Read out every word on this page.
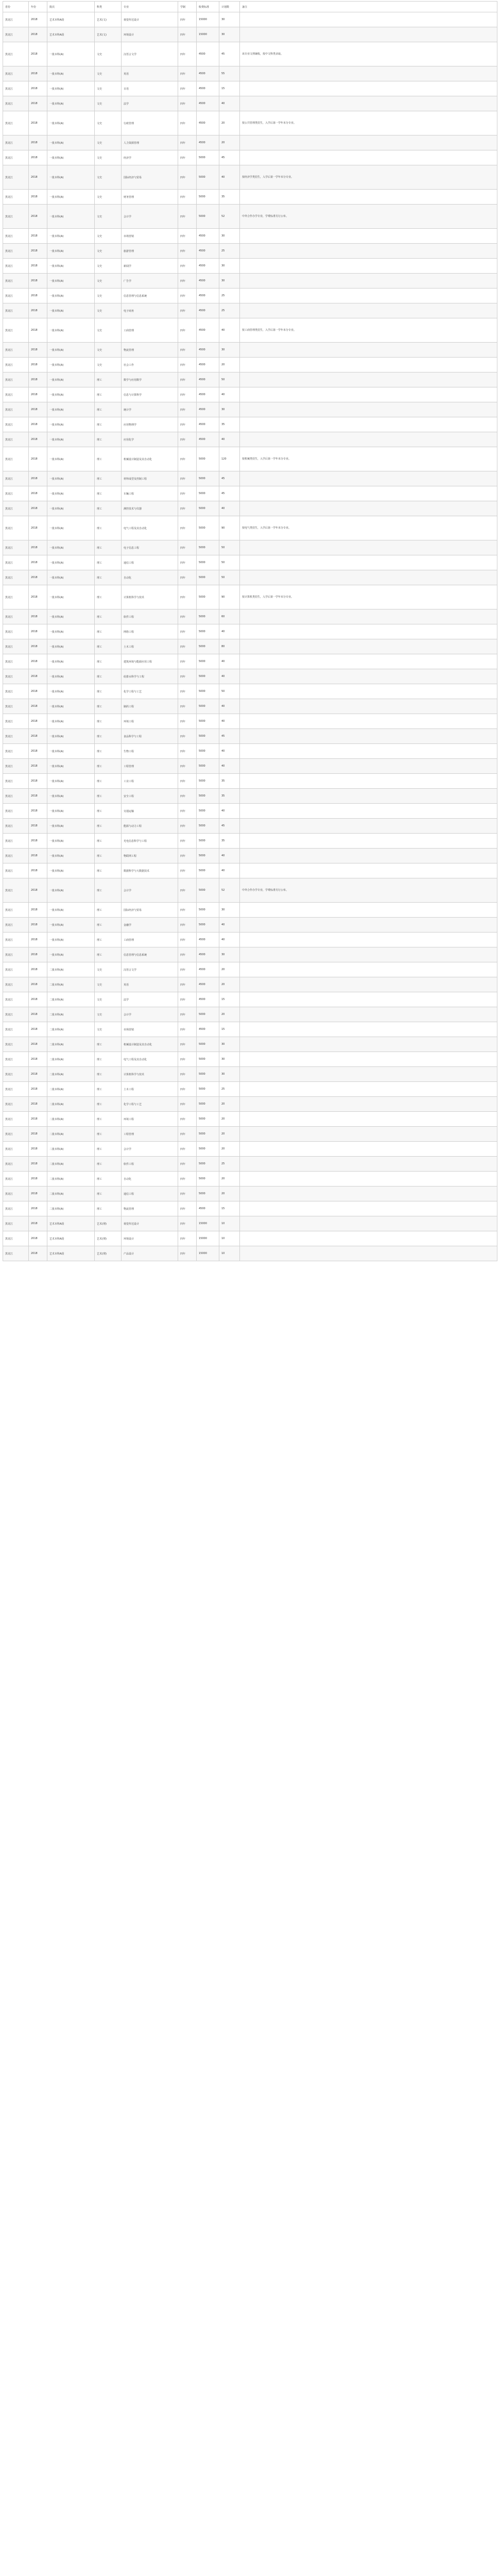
省份	年份	批次	科类	专业	学制	收费标准	计划数	备注
黑龙江	2018	艺术本科A段	艺术(文)	视觉传达设计	四年	15000	30	
黑龙江	2018	艺术本科A段	艺术(文)	环境设计	四年	15000	30	
黑龙江	2018	一批本科(A)	文史	汉语言文学	四年	4500	45	该专业文理兼收，按中文科类录取。
黑龙江	2018	一批本科(A)	文史	英语	四年	4500	55	
黑龙江	2018	一批本科(A)	文史	日语	四年	4500	15	
黑龙江	2018	一批本科(A)	文史	法学	四年	4500	40	
黑龙江	2018	一批本科(A)	文史	行政管理	四年	4500	20	按公共管理类招生，入学后第一学年末分专业。
黑龙江	2018	一批本科(A)	文史	人力资源管理	四年	4500	20	
黑龙江	2018	一批本科(A)	文史	经济学	四年	5000	45	
黑龙江	2018	一批本科(A)	文史	国际经济与贸易	四年	5000	40	按经济学类招生，入学后第一学年末分专业。
黑龙江	2018	一批本科(A)	文史	财务管理	四年	5000	35	
黑龙江	2018	一批本科(A)	文史	会计学	四年	5000	52	中外合作办学专业，学费标准另行公布。
黑龙江	2018	一批本科(A)	文史	市场营销	四年	4500	30	
黑龙江	2018	一批本科(A)	文史	旅游管理	四年	4500	25	
黑龙江	2018	一批本科(A)	文史	新闻学	四年	4500	30	
黑龙江	2018	一批本科(A)	文史	广告学	四年	4500	30	
黑龙江	2018	一批本科(A)	文史	信息管理与信息系统	四年	4500	25	
黑龙江	2018	一批本科(A)	文史	电子商务	四年	4500	25	
黑龙江	2018	一批本科(A)	文史	工商管理	四年	4500	40	按工商管理类招生，入学后第一学年末分专业。
黑龙江	2018	一批本科(A)	文史	物流管理	四年	4500	30	
黑龙江	2018	一批本科(A)	文史	社会工作	四年	4500	20	
黑龙江	2018	一批本科(A)	理工	数学与应用数学	四年	4500	50	
黑龙江	2018	一批本科(A)	理工	信息与计算科学	四年	4500	40	
黑龙江	2018	一批本科(A)	理工	统计学	四年	4500	30	
黑龙江	2018	一批本科(A)	理工	应用物理学	四年	4500	35	
黑龙江	2018	一批本科(A)	理工	应用化学	四年	4500	40	
黑龙江	2018	一批本科(A)	理工	机械设计制造及其自动化	四年	5000	120	按机械类招生，入学后第一学年末分专业。
黑龙江	2018	一批本科(A)	理工	材料成型及控制工程	四年	5000	45	
黑龙江	2018	一批本科(A)	理工	车辆工程	四年	5000	45	
黑龙江	2018	一批本科(A)	理工	测控技术与仪器	四年	5000	40	
黑龙江	2018	一批本科(A)	理工	电气工程及其自动化	四年	5000	90	按电气类招生，入学后第一学年末分专业。
黑龙江	2018	一批本科(A)	理工	电子信息工程	四年	5000	50	
黑龙江	2018	一批本科(A)	理工	通信工程	四年	5000	50	
黑龙江	2018	一批本科(A)	理工	自动化	四年	5000	50	
黑龙江	2018	一批本科(A)	理工	计算机科学与技术	四年	5000	90	按计算机类招生，入学后第一学年末分专业。
黑龙江	2018	一批本科(A)	理工	软件工程	四年	5000	60	
黑龙江	2018	一批本科(A)	理工	网络工程	四年	5000	40	
黑龙江	2018	一批本科(A)	理工	土木工程	四年	5000	80	
黑龙江	2018	一批本科(A)	理工	建筑环境与能源应用工程	四年	5000	40	
黑龙江	2018	一批本科(A)	理工	给排水科学与工程	四年	5000	40	
黑龙江	2018	一批本科(A)	理工	化学工程与工艺	四年	5000	50	
黑龙江	2018	一批本科(A)	理工	制药工程	四年	5000	40	
黑龙江	2018	一批本科(A)	理工	环境工程	四年	5000	40	
黑龙江	2018	一批本科(A)	理工	食品科学与工程	四年	5000	45	
黑龙江	2018	一批本科(A)	理工	生物工程	四年	5000	40	
黑龙江	2018	一批本科(A)	理工	工程管理	四年	5000	40	
黑龙江	2018	一批本科(A)	理工	工业工程	四年	5000	35	
黑龙江	2018	一批本科(A)	理工	安全工程	四年	5000	35	
黑龙江	2018	一批本科(A)	理工	交通运输	四年	5000	40	
黑龙江	2018	一批本科(A)	理工	能源与动力工程	四年	5000	45	
黑龙江	2018	一批本科(A)	理工	光电信息科学与工程	四年	5000	35	
黑龙江	2018	一批本科(A)	理工	物联网工程	四年	5000	40	
黑龙江	2018	一批本科(A)	理工	数据科学与大数据技术	四年	5000	40	
黑龙江	2018	一批本科(A)	理工	会计学	四年	5000	52	中外合作办学专业，学费标准另行公布。
黑龙江	2018	一批本科(A)	理工	国际经济与贸易	四年	5000	30	
黑龙江	2018	一批本科(A)	理工	金融学	四年	5000	40	
黑龙江	2018	一批本科(A)	理工	工商管理	四年	4500	40	
黑龙江	2018	一批本科(A)	理工	信息管理与信息系统	四年	4500	30	
黑龙江	2018	二批本科(A)	文史	汉语言文学	四年	4500	20	
黑龙江	2018	二批本科(A)	文史	英语	四年	4500	20	
黑龙江	2018	二批本科(A)	文史	法学	四年	4500	15	
黑龙江	2018	二批本科(A)	文史	会计学	四年	5000	20	
黑龙江	2018	二批本科(A)	文史	市场营销	四年	4500	15	
黑龙江	2018	二批本科(A)	理工	机械设计制造及其自动化	四年	5000	30	
黑龙江	2018	二批本科(A)	理工	电气工程及其自动化	四年	5000	30	
黑龙江	2018	二批本科(A)	理工	计算机科学与技术	四年	5000	30	
黑龙江	2018	二批本科(A)	理工	土木工程	四年	5000	25	
黑龙江	2018	二批本科(A)	理工	化学工程与工艺	四年	5000	20	
黑龙江	2018	二批本科(A)	理工	环境工程	四年	5000	20	
黑龙江	2018	二批本科(A)	理工	工程管理	四年	5000	20	
黑龙江	2018	二批本科(A)	理工	会计学	四年	5000	20	
黑龙江	2018	二批本科(A)	理工	软件工程	四年	5000	25	
黑龙江	2018	二批本科(A)	理工	自动化	四年	5000	20	
黑龙江	2018	二批本科(A)	理工	通信工程	四年	5000	20	
黑龙江	2018	二批本科(A)	理工	物流管理	四年	4500	15	
黑龙江	2018	艺术本科A段	艺术(理)	视觉传达设计	四年	15000	10	
黑龙江	2018	艺术本科A段	艺术(理)	环境设计	四年	15000	10	
黑龙江	2018	艺术本科A段	艺术(理)	产品设计	四年	15000	10	
